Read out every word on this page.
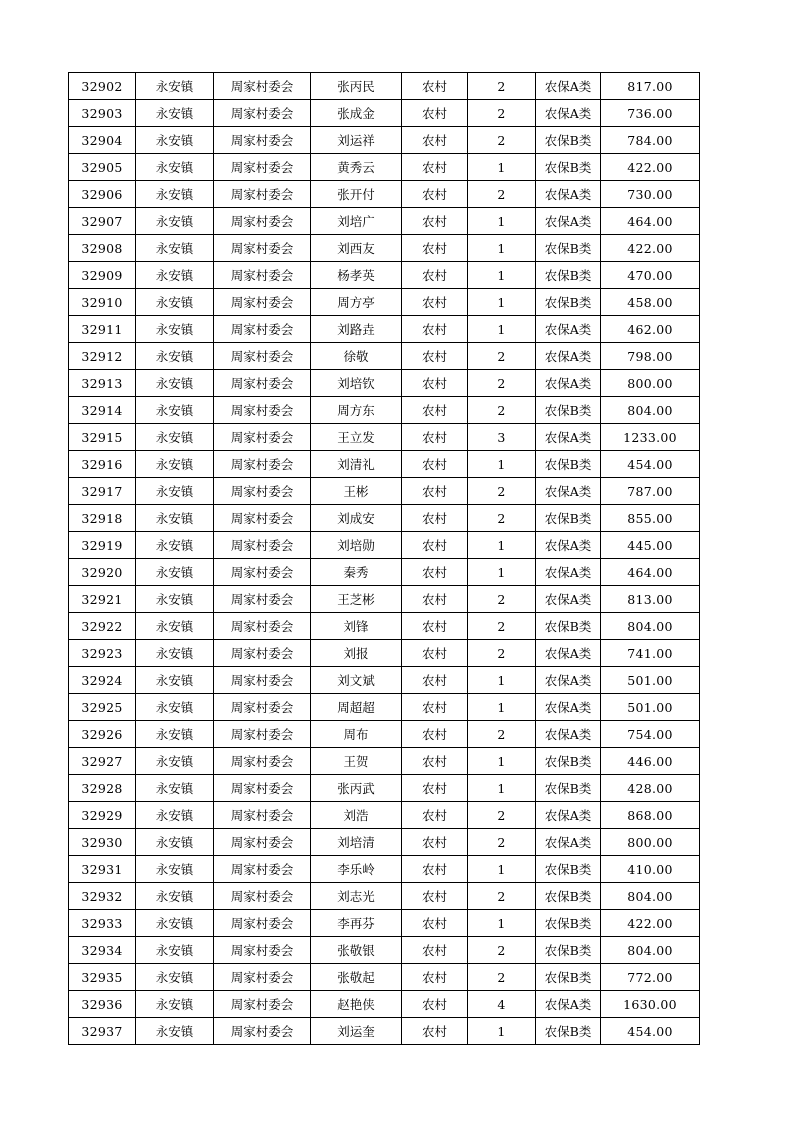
32902	永安镇	周家村委会	张丙民	农村	2	农保A类	817.00
32903	永安镇	周家村委会	张成金	农村	2	农保A类	736.00
32904	永安镇	周家村委会	刘运祥	农村	2	农保B类	784.00
32905	永安镇	周家村委会	黄秀云	农村	1	农保B类	422.00
32906	永安镇	周家村委会	张开付	农村	2	农保A类	730.00
32907	永安镇	周家村委会	刘培广	农村	1	农保A类	464.00
32908	永安镇	周家村委会	刘西友	农村	1	农保B类	422.00
32909	永安镇	周家村委会	杨孝英	农村	1	农保B类	470.00
32910	永安镇	周家村委会	周方亭	农村	1	农保B类	458.00
32911	永安镇	周家村委会	刘路垚	农村	1	农保A类	462.00
32912	永安镇	周家村委会	徐敬	农村	2	农保A类	798.00
32913	永安镇	周家村委会	刘培钦	农村	2	农保A类	800.00
32914	永安镇	周家村委会	周方东	农村	2	农保B类	804.00
32915	永安镇	周家村委会	王立发	农村	3	农保A类	1233.00
32916	永安镇	周家村委会	刘清礼	农村	1	农保B类	454.00
32917	永安镇	周家村委会	王彬	农村	2	农保A类	787.00
32918	永安镇	周家村委会	刘成安	农村	2	农保B类	855.00
32919	永安镇	周家村委会	刘培勋	农村	1	农保A类	445.00
32920	永安镇	周家村委会	秦秀	农村	1	农保A类	464.00
32921	永安镇	周家村委会	王芝彬	农村	2	农保A类	813.00
32922	永安镇	周家村委会	刘锋	农村	2	农保B类	804.00
32923	永安镇	周家村委会	刘报	农村	2	农保A类	741.00
32924	永安镇	周家村委会	刘文斌	农村	1	农保A类	501.00
32925	永安镇	周家村委会	周超超	农村	1	农保A类	501.00
32926	永安镇	周家村委会	周布	农村	2	农保A类	754.00
32927	永安镇	周家村委会	王贺	农村	1	农保B类	446.00
32928	永安镇	周家村委会	张丙武	农村	1	农保B类	428.00
32929	永安镇	周家村委会	刘浩	农村	2	农保A类	868.00
32930	永安镇	周家村委会	刘培清	农村	2	农保A类	800.00
32931	永安镇	周家村委会	李乐岭	农村	1	农保B类	410.00
32932	永安镇	周家村委会	刘志光	农村	2	农保B类	804.00
32933	永安镇	周家村委会	李再芬	农村	1	农保B类	422.00
32934	永安镇	周家村委会	张敬银	农村	2	农保B类	804.00
32935	永安镇	周家村委会	张敬起	农村	2	农保B类	772.00
32936	永安镇	周家村委会	赵艳侠	农村	4	农保A类	1630.00
32937	永安镇	周家村委会	刘运奎	农村	1	农保B类	454.00
